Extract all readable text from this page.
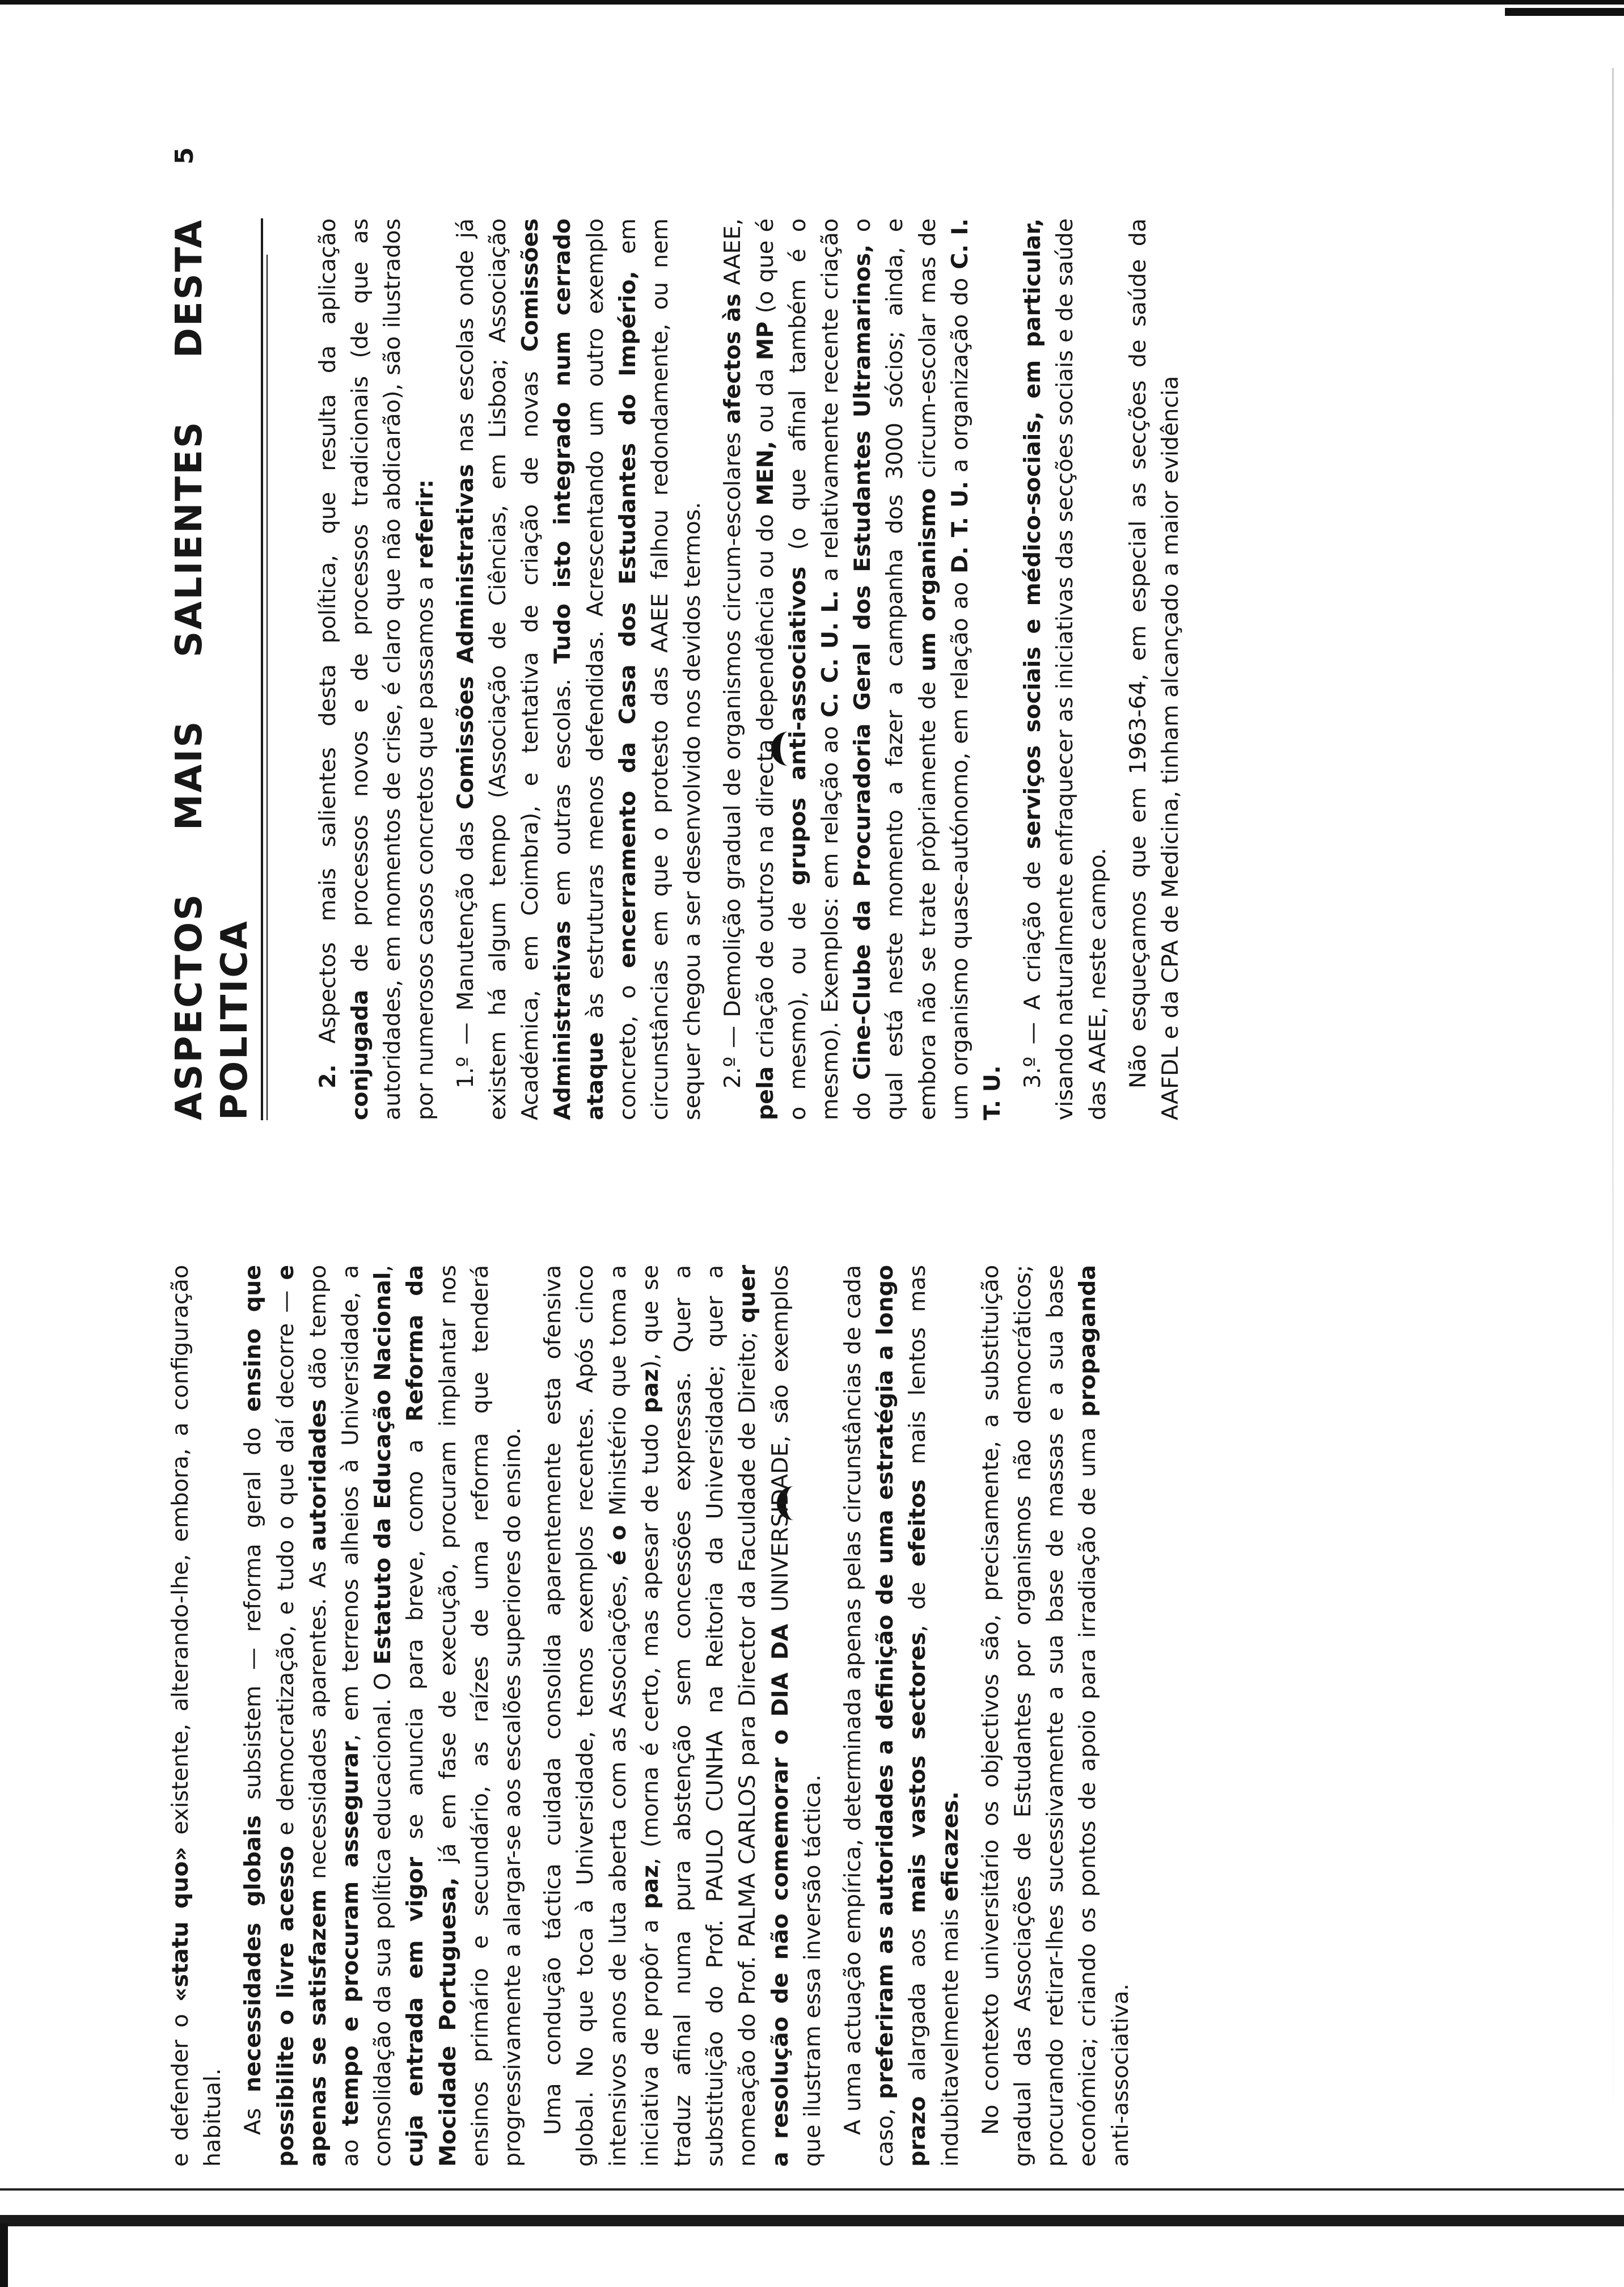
e defender o «statu quo» existente, alterando-lhe, embora, a configuração habitual. As necessidades globais subsistem — reforma geral do ensino que possibilite o livre acesso e democratização, e tudo o que daí decorre — e apenas se satisfazem necessidades aparentes. As autoridades dão tempo ao tempo e procuram assegurar, em terrenos alheios à Universidade, a consolidação da sua política educacional. O Estatuto da Educação Nacional, cuja entrada em vigor se anuncia para breve, como a Reforma da Mocidade Portuguesa, já em fase de execução, procuram implantar nos ensinos primário e secundário, as raízes de uma reforma que tenderá progressivamente a alargar-se aos escalões superiores do ensino. Uma condução táctica cuidada consolida aparentemente esta ofensiva global. No que toca à Universidade, temos exemplos recentes. Após cinco intensivos anos de luta aberta com as Associações, é o Ministério que toma a iniciativa de propôr a paz, (morna é certo, mas apesar de tudo paz), que se traduz afinal numa pura abstenção sem concessões expressas. Quer a substituição do Prof. PAULO CUNHA na Reitoria da Universidade; quer a nomeação do Prof. PALMA CARLOS para Director da Faculdade de Direito; quer a resolução de não comemorar o DIA DA UNIVERSIDADE, são exemplos que ilustram essa inversão táctica. A uma actuação empírica, determinada apenas pelas circunstâncias de cada caso, preferiram as autoridades a definição de uma estratégia a longo prazo alargada aos mais vastos sectores, de efeitos mais lentos mas indubitavelmente mais eficazes. No contexto universitário os objectivos são, precisamente, a substituição gradual das Associações de Estudantes por organismos não democráticos; procurando retirar-lhes sucessivamente a sua base de massas e a sua base económica; criando os pontos de apoio para irradiação de uma propaganda anti-associativa.

ASPECTOS MAIS SALIENTES DESTA POLITICA	2. Aspectos mais salientes desta política, que resulta da aplicação conjugada de processos novos e de processos tradicionais (de que as autoridades, em momentos de crise, é claro que não abdicarão), são ilustrados por numerosos casos concretos que passamos a referir:

1.º — Manutenção das Comissões Administrativas nas escolas onde já existem há algum tempo (Associação de Ciências, em Lisboa; Associação Académica, em Coimbra), e tentativa de criação de novas Comissões Administrativas em outras escolas. Tudo isto integrado num cerrado ataque às estruturas menos defendidas. Acrescentando um outro exemplo concreto, o encerramento da Casa dos Estudantes do Império, em circunstâncias em que o protesto das AAEE falhou redondamente, ou nem sequer chegou a ser desenvolvido nos devidos termos. 2.º — Demolição gradual de organismos circum-escolares afectos às AAEE, pela criação de outros na directa dependência ou do MEN, ou da MP (o que é o mesmo), ou de grupos anti-associativos (o que afinal também é o mesmo). Exemplos: em relação ao C. C. U. L. a relativamente recente criação do Cine-Clube da Procuradoria Geral dos Estudantes Ultramarinos, o qual está neste momento a fazer a campanha dos 3000 sócios; ainda, e embora não se trate pròpriamente de um organismo circum-escolar mas de um organismo quase-autónomo, em relação ao D. T. U. a organização do C. I. T. U.

3.º — A criação de serviços sociais e médico-sociais, em particular, visando naturalmente enfraquecer as iniciativas das secções sociais e de saúde das AAEE, neste campo. Não esqueçamos que em 1963-64, em especial as secções de saúde da AAFDL e da CPA de Medicina, tinham alcançado a maior evidência

5
